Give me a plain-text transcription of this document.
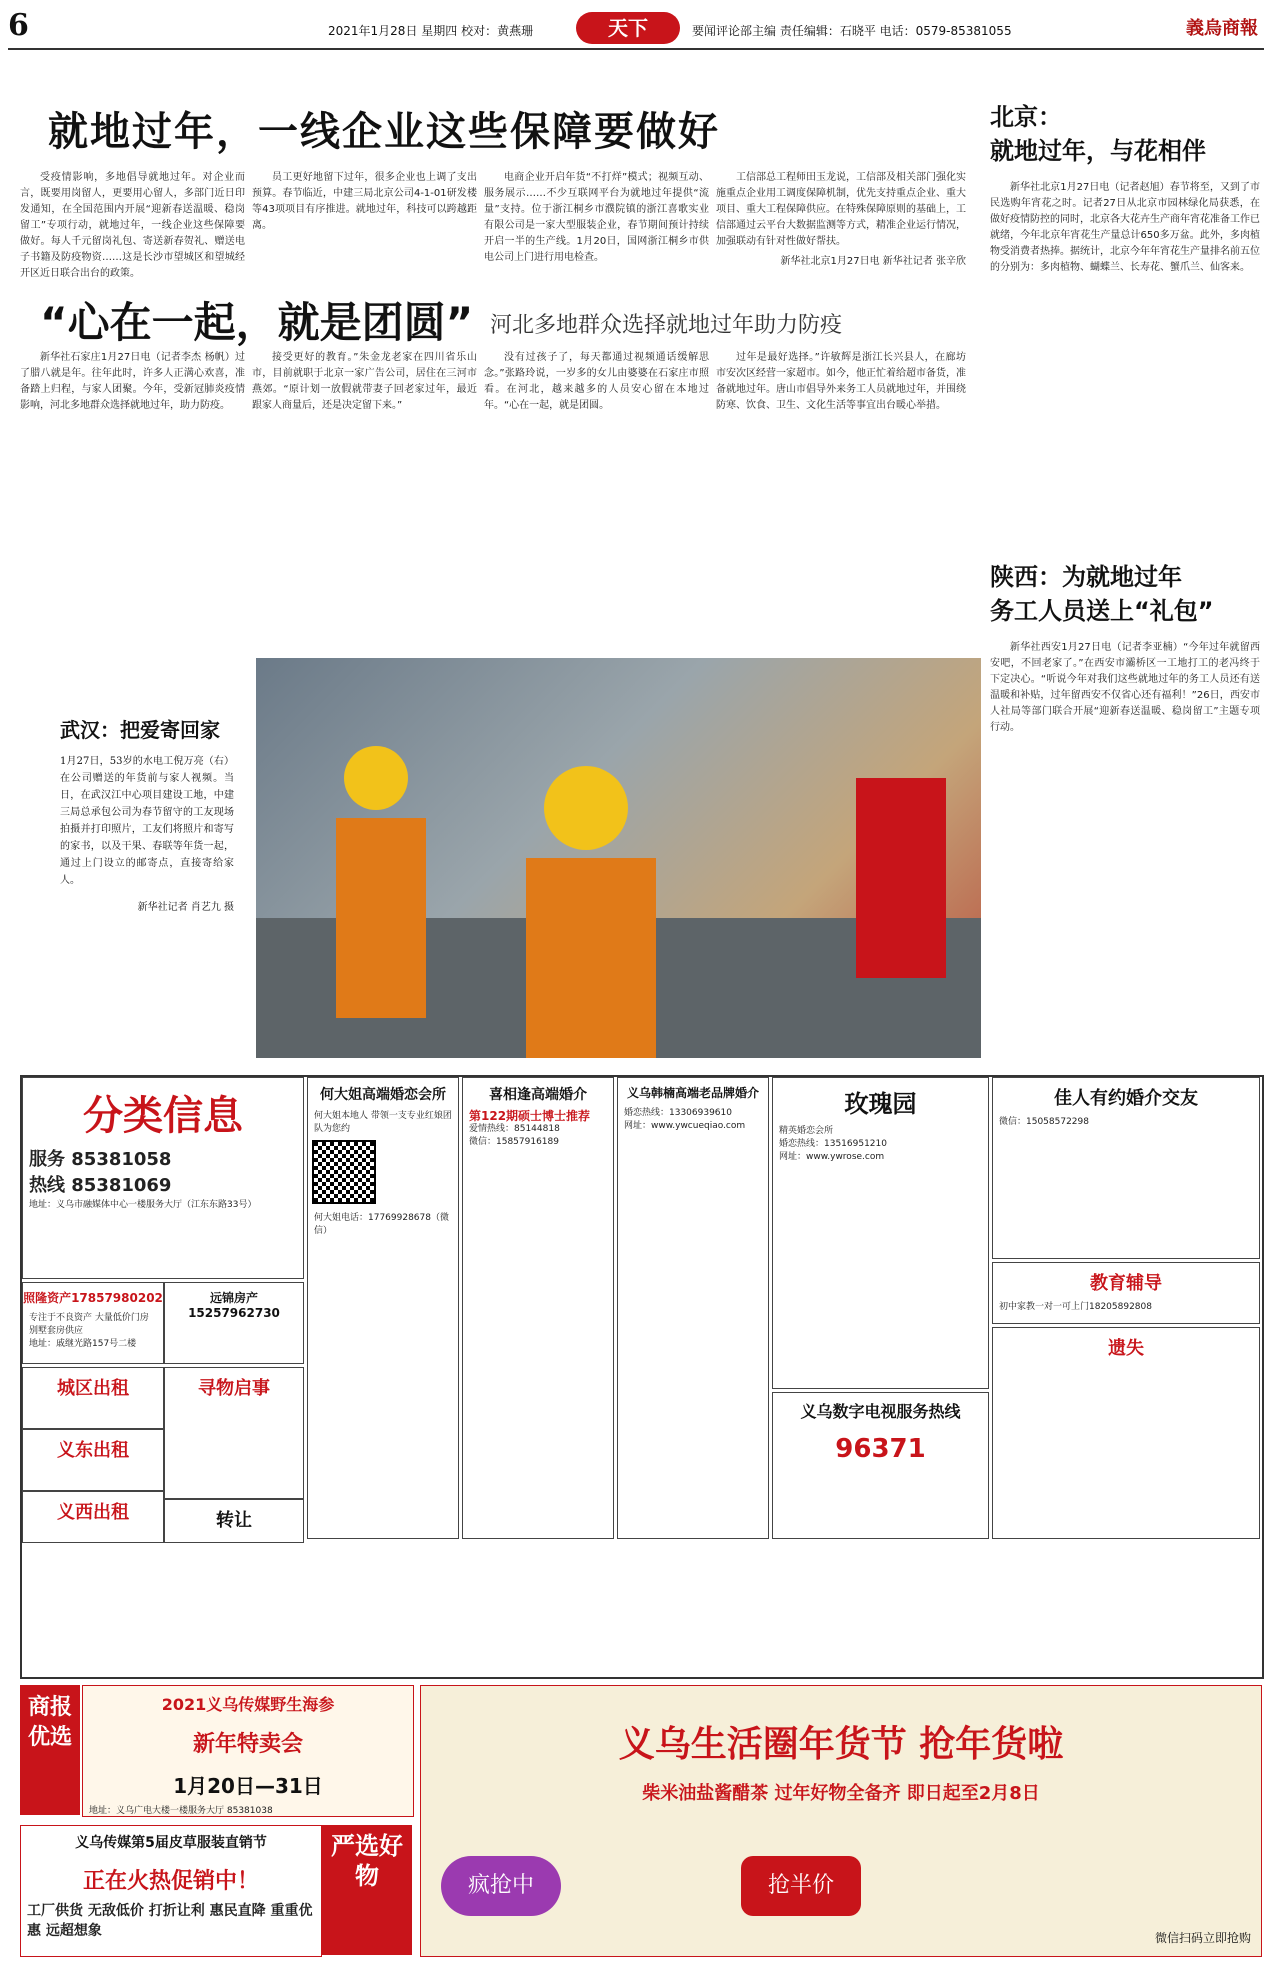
6	2021年1月28日 星期四 校对：黄燕珊	天下	要闻评论部主编 责任编辑：石晓平 电话：0579-85381055	義烏商報
就地过年，一线企业这些保障要做好

受疫情影响，多地倡导就地过年。对企业而言，既要用岗留人，更要用心留人，多部门近日印发通知，在全国范围内开展“迎新春送温暖、稳岗留工”专项行动，就地过年，一线企业这些保障要做好。每人千元留岗礼包、寄送新春贺礼、赠送电子书籍及防疫物资……这是长沙市望城区和望城经开区近日联合出台的政策。

员工更好地留下过年，很多企业也上调了支出预算。春节临近，中建三局北京公司4-1-01研发楼等43项项目有序推进。就地过年，科技可以跨越距离。

电商企业开启年货“不打烊”模式；视频互动、服务展示……不少互联网平台为就地过年提供“流量”支持。位于浙江桐乡市濮院镇的浙江喜歌实业有限公司是一家大型服装企业，春节期间预计持续开启一半的生产线。1月20日，国网浙江桐乡市供电公司上门进行用电检查。

工信部总工程师田玉龙说，工信部及相关部门强化实施重点企业用工调度保障机制，优先支持重点企业、重大项目、重大工程保障供应。在特殊保障原则的基础上，工信部通过云平台大数据监测等方式，精准企业运行情况，加强联动有针对性做好帮扶。

新华社北京1月27日电 新华社记者 张辛欣
“心在一起，就是团圆” 河北多地群众选择就地过年助力防疫

新华社石家庄1月27日电（记者李杰 杨帆）过了腊八就是年。往年此时，许多人正满心欢喜，准备踏上归程，与家人团聚。今年，受新冠肺炎疫情影响，河北多地群众选择就地过年，助力防疫。

接受更好的教育。”朱金龙老家在四川省乐山市，目前就职于北京一家广告公司，居住在三河市燕郊。“原计划一放假就带妻子回老家过年，最近跟家人商量后，还是决定留下来。”

没有过孩子了，每天都通过视频通话缓解思念。”张路玲说，一岁多的女儿由婆婆在石家庄市照看。在河北，越来越多的人员安心留在本地过年。“心在一起，就是团圆。

过年是最好选择。”许敏辉是浙江长兴县人，在廊坊市安次区经营一家超市。如今，他正忙着给超市备货，准备就地过年。唐山市倡导外来务工人员就地过年，并围绕防寒、饮食、卫生、文化生活等事宜出台暖心举措。

北京：
就地过年，与花相伴

新华社北京1月27日电（记者赵旭）春节将至，又到了市民选购年宵花之时。记者27日从北京市园林绿化局获悉，在做好疫情防控的同时，北京各大花卉生产商年宵花准备工作已就绪，今年北京年宵花生产量总计650多万盆。此外，多肉植物受消费者热捧。据统计，北京今年年宵花生产量排名前五位的分别为：多肉植物、蝴蝶兰、长寿花、蟹爪兰、仙客来。

陕西：为就地过年
务工人员送上“礼包”

新华社西安1月27日电（记者李亚楠）“今年过年就留西安吧，不回老家了。”在西安市灞桥区一工地打工的老冯终于下定决心。“听说今年对我们这些就地过年的务工人员还有送温暖和补贴，过年留西安不仅省心还有福利！”26日，西安市人社局等部门联合开展“迎新春送温暖、稳岗留工”主题专项行动。

武汉：把爱寄回家
1月27日，53岁的水电工倪万亮（右）在公司赠送的年货前与家人视频。当日，在武汉江中心项目建设工地，中建三局总承包公司为春节留守的工友现场拍摄并打印照片，工友们将照片和寄写的家书，以及干果、春联等年货一起，通过上门设立的邮寄点，直接寄给家人。
新华社记者 肖艺九 摄
分类信息
服务 85381058
热线 85381069
地址：义乌市融媒体中心一楼服务大厅（江东东路33号）
照隆资产17857980202
专注于不良资产 大量低价门房别墅套房供应
地址：戚继光路157号二楼
远锦房产15257962730
城区出租	寻物启事
义东出租
义西出租	转让
何大姐高端婚恋会所
何大姐本地人 带领一支专业红娘团队为您约
何大姐电话：17769928678（微信）
喜相逢高端婚介
第122期硕士博士推荐
爱情热线：85144818
微信：15857916189
义乌韩楠高端老品牌婚介
婚恋热线：13306939610
网址：www.ywcueqiao.com
玫瑰园
精英婚恋会所
婚恋热线：13516951210
网址：www.ywrose.com
义乌数字电视服务热线
96371
佳人有约婚介交友
微信：15058572298
教育辅导
初中家教一对一可上门18205892808
遗失
商报优选
2021义乌传媒野生海参
新年特卖会
1月20日—31日
地址：义乌广电大楼一楼服务大厅 85381038
义乌生活圈年货节 抢年货啦
柴米油盐酱醋茶 过年好物全备齐 即日起至2月8日
疯抢中	抢半价
微信扫码立即抢购
义乌传媒第5届皮草服装直销节
正在火热促销中！
工厂供货 无敌低价 打折让利 惠民直降 重重优惠 远超想象
严选好物
